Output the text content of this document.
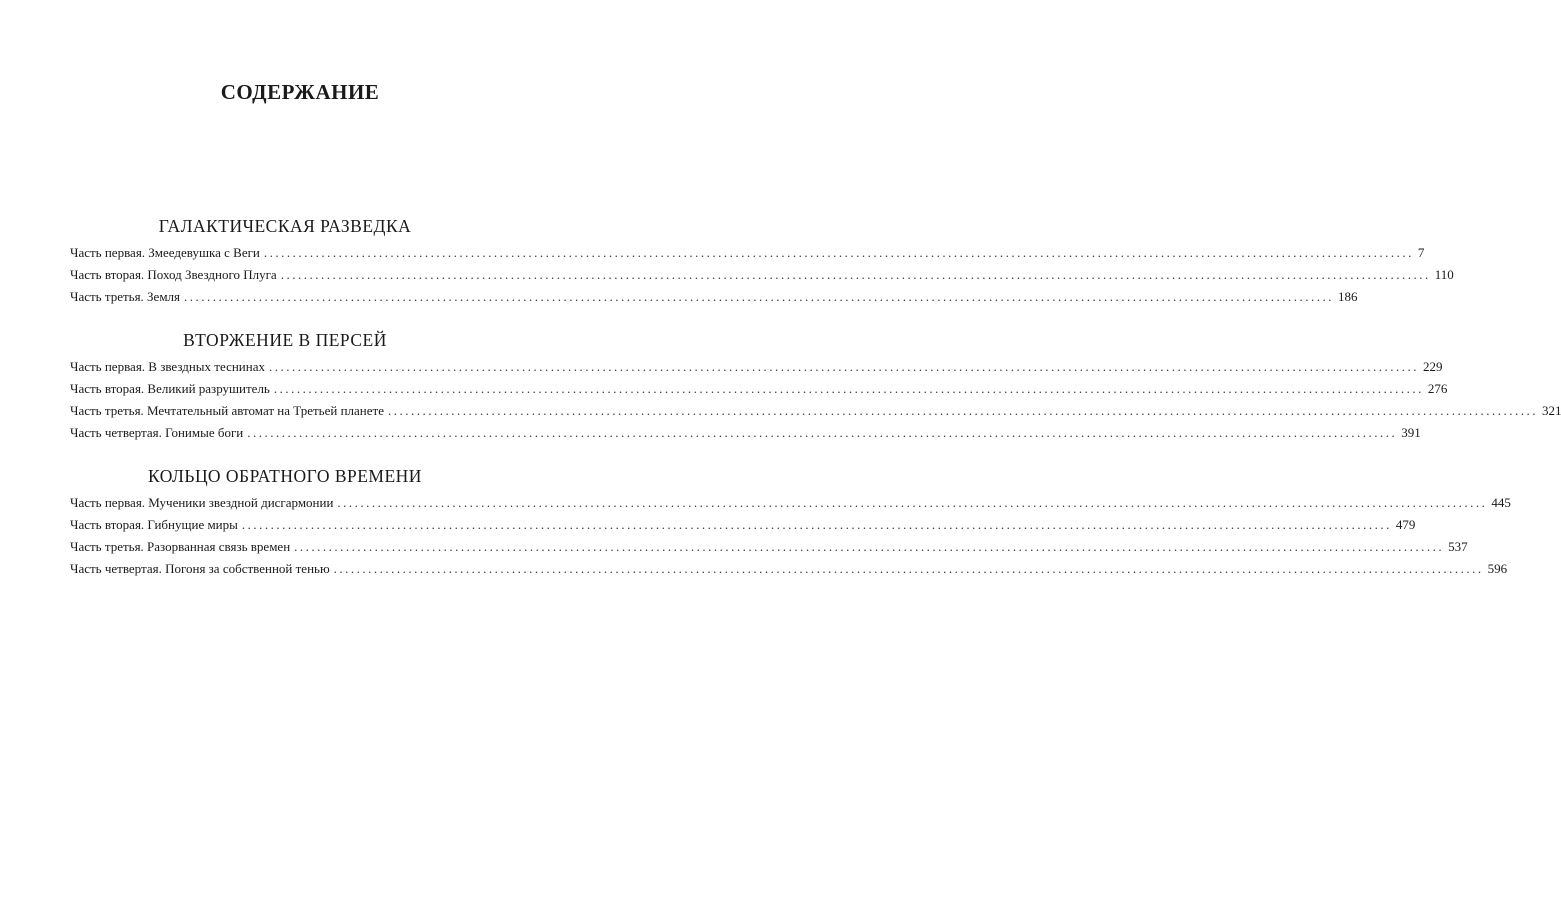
СОДЕРЖАНИЕ
ГАЛАКТИЧЕСКАЯ РАЗВЕДКА
Часть первая. Змеедевушка с Веги ........................................................................................................................................................................................................ 7
Часть вторая. Поход Звездного Плуга ........................................................................................................................................................................................................ 110
Часть третья. Земля ........................................................................................................................................................................................................ 186
ВТОРЖЕНИЕ В ПЕРСЕЙ
Часть первая. В звездных теснинах ........................................................................................................................................................................................................ 229
Часть вторая. Великий разрушитель ........................................................................................................................................................................................................ 276
Часть третья. Мечтательный автомат на Третьей планете ........................................................................................................................................................................................................ 321
Часть четвертая. Гонимые боги ........................................................................................................................................................................................................ 391
КОЛЬЦО ОБРАТНОГО ВРЕМЕНИ
Часть первая. Мученики звездной дисгармонии ........................................................................................................................................................................................................ 445
Часть вторая. Гибнущие миры ........................................................................................................................................................................................................ 479
Часть третья. Разорванная связь времен ........................................................................................................................................................................................................ 537
Часть четвертая. Погоня за собственной тенью ........................................................................................................................................................................................................ 596
